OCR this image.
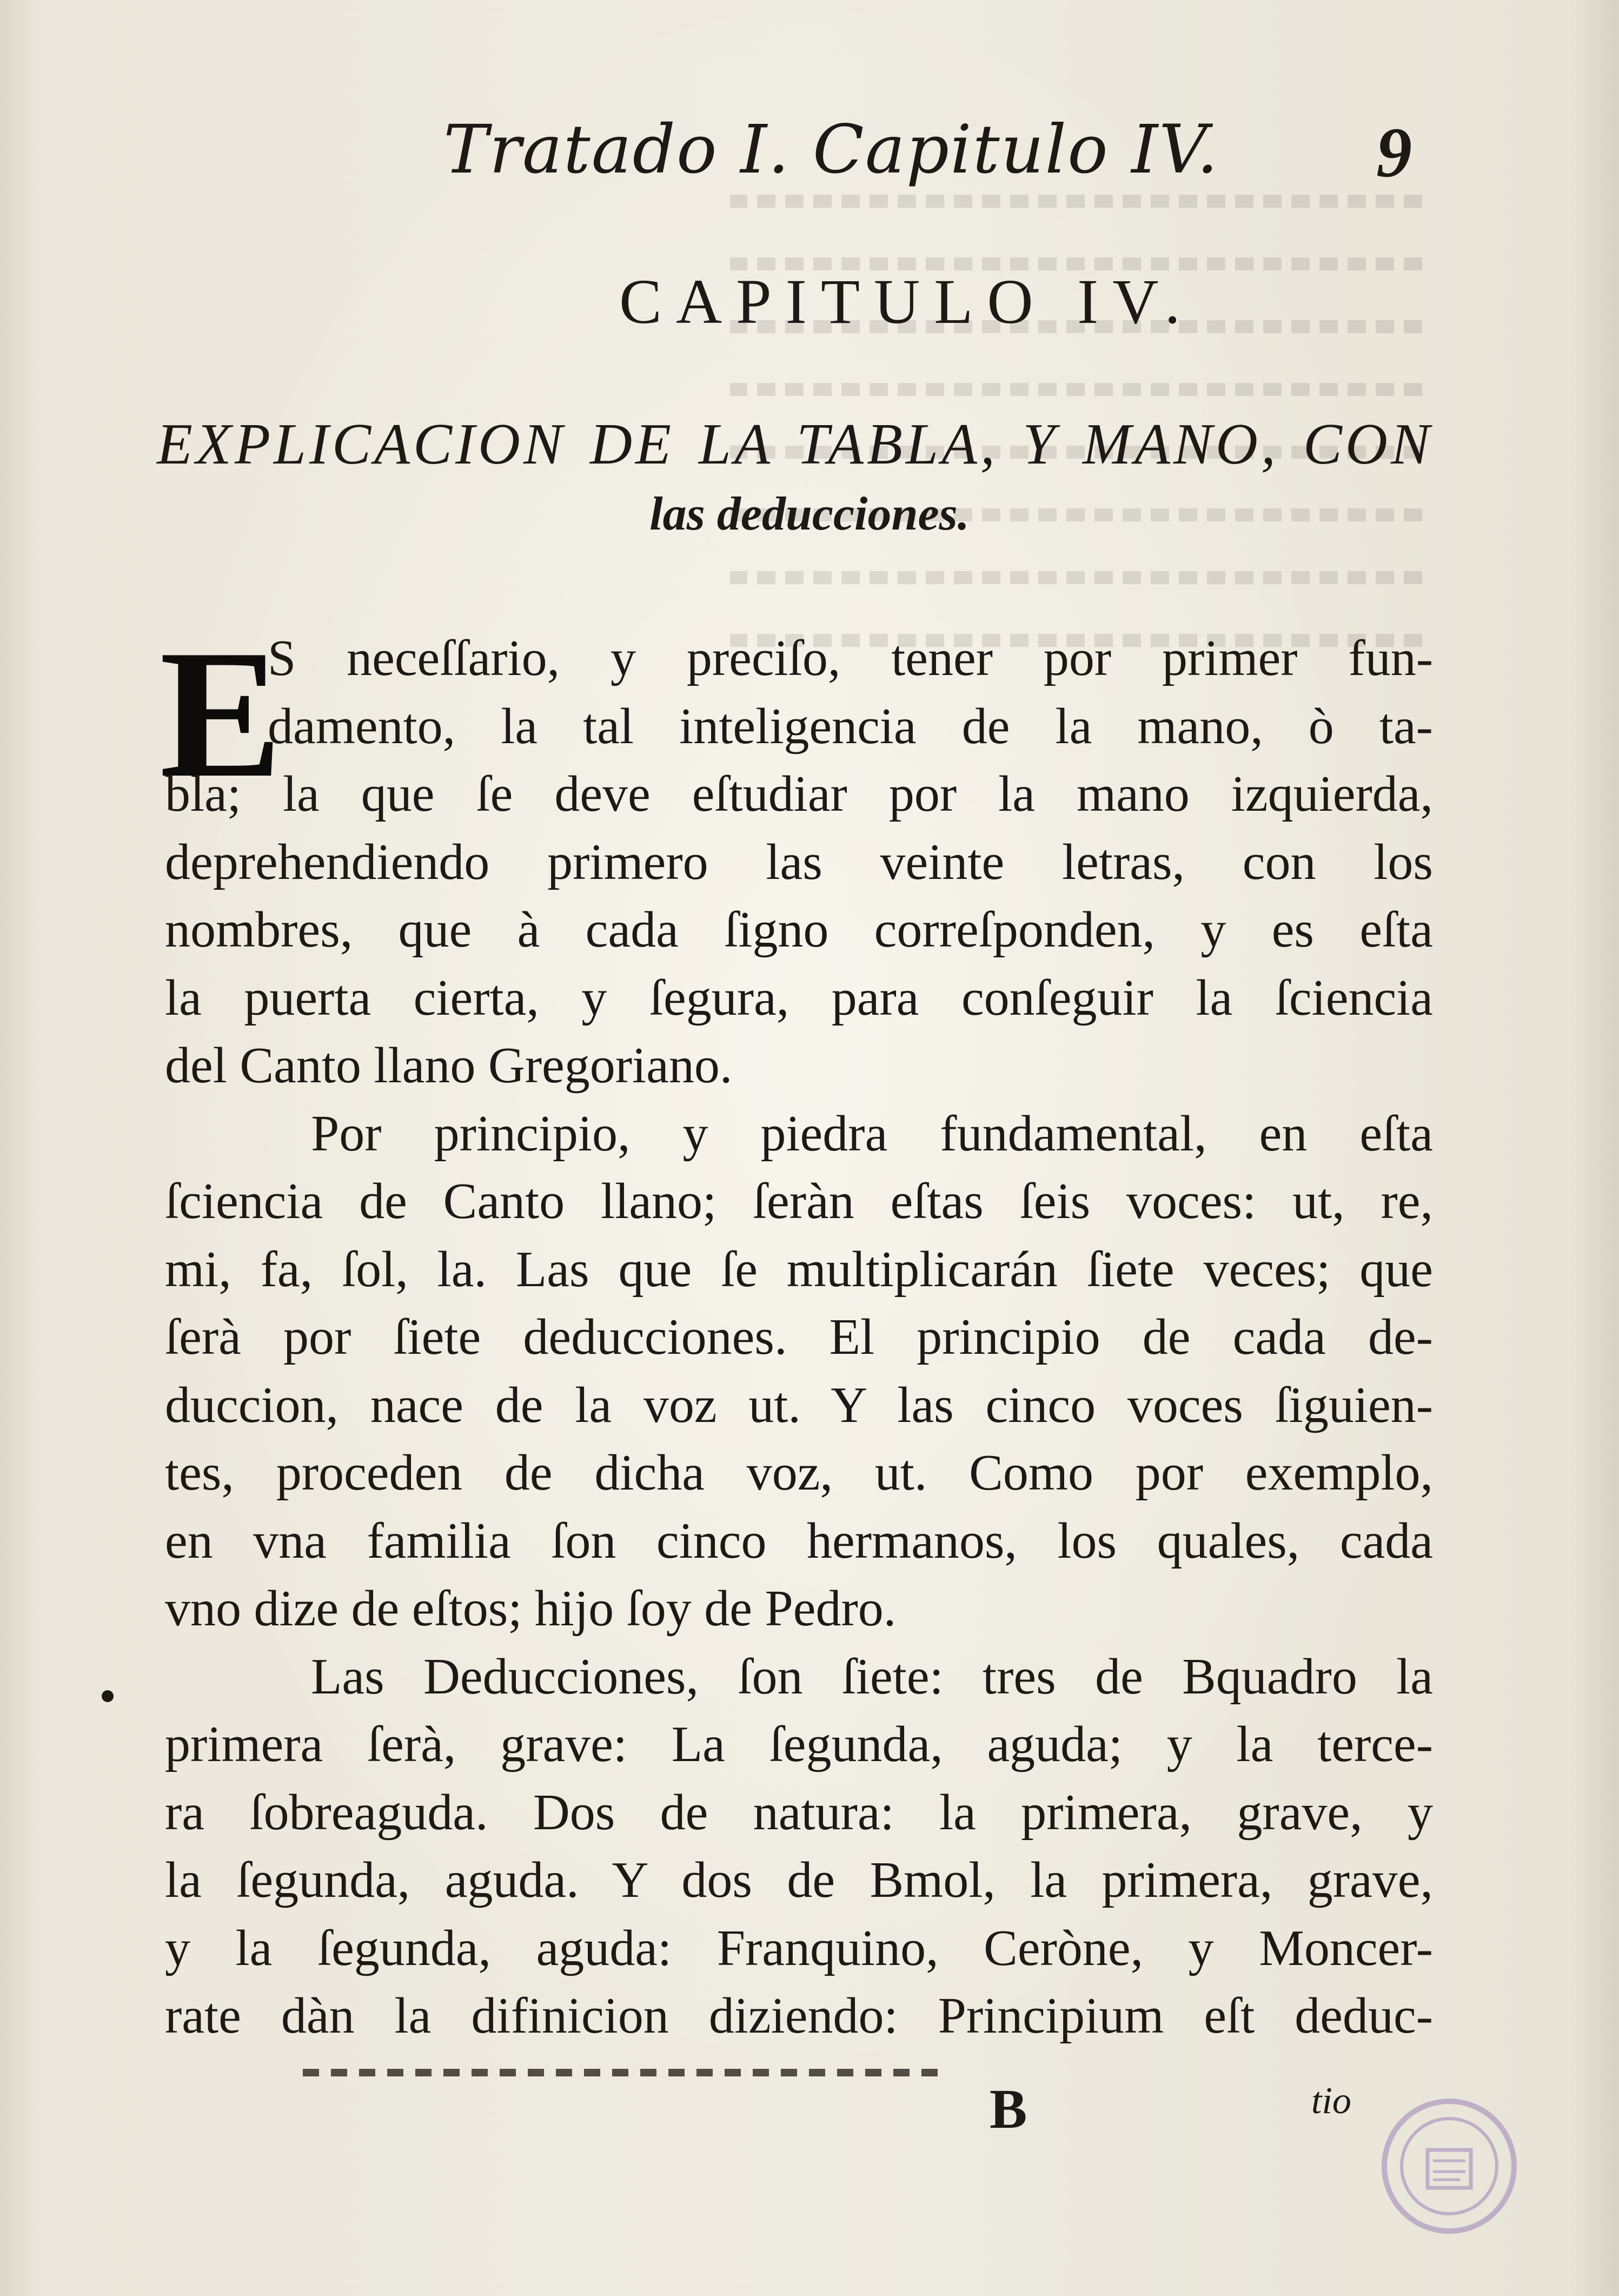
Tratado I. Capitulo IV. 9
CAPITULO IV.
EXPLICACION DE LA TABLA, Y MANO, CON
las deducciones.
E
S neceſſario, y preciſo, tener por primer fun-
damento, la tal inteligencia de la mano, ò ta-
bla; la que ſe deve eſtudiar por la mano izquierda,
deprehendiendo primero las veinte letras, con los
nombres, que à cada ſigno correſponden, y es eſta
la puerta cierta, y ſegura, para conſeguir la ſciencia
del Canto llano Gregoriano.
Por principio, y piedra fundamental, en eſta
ſciencia de Canto llano; ſeràn eſtas ſeis voces: ut, re,
mi, fa, ſol, la. Las que ſe multiplicarán ſiete veces; que
ſerà por ſiete deducciones. El principio de cada de-
duccion, nace de la voz ut. Y las cinco voces ſiguien-
tes, proceden de dicha voz, ut. Como por exemplo,
en vna familia ſon cinco hermanos, los quales, cada
vno dize de eſtos; hijo ſoy de Pedro.
Las Deducciones, ſon ſiete: tres de Bquadro la
primera ſerà, grave: La ſegunda, aguda; y la terce-
ra ſobreaguda. Dos de natura: la primera, grave, y
la ſegunda, aguda. Y dos de Bmol, la primera, grave,
y la ſegunda, aguda: Franquino, Ceròne, y Moncer-
rate dàn la difinicion diziendo: Principium eſt deduc-
B	tio
